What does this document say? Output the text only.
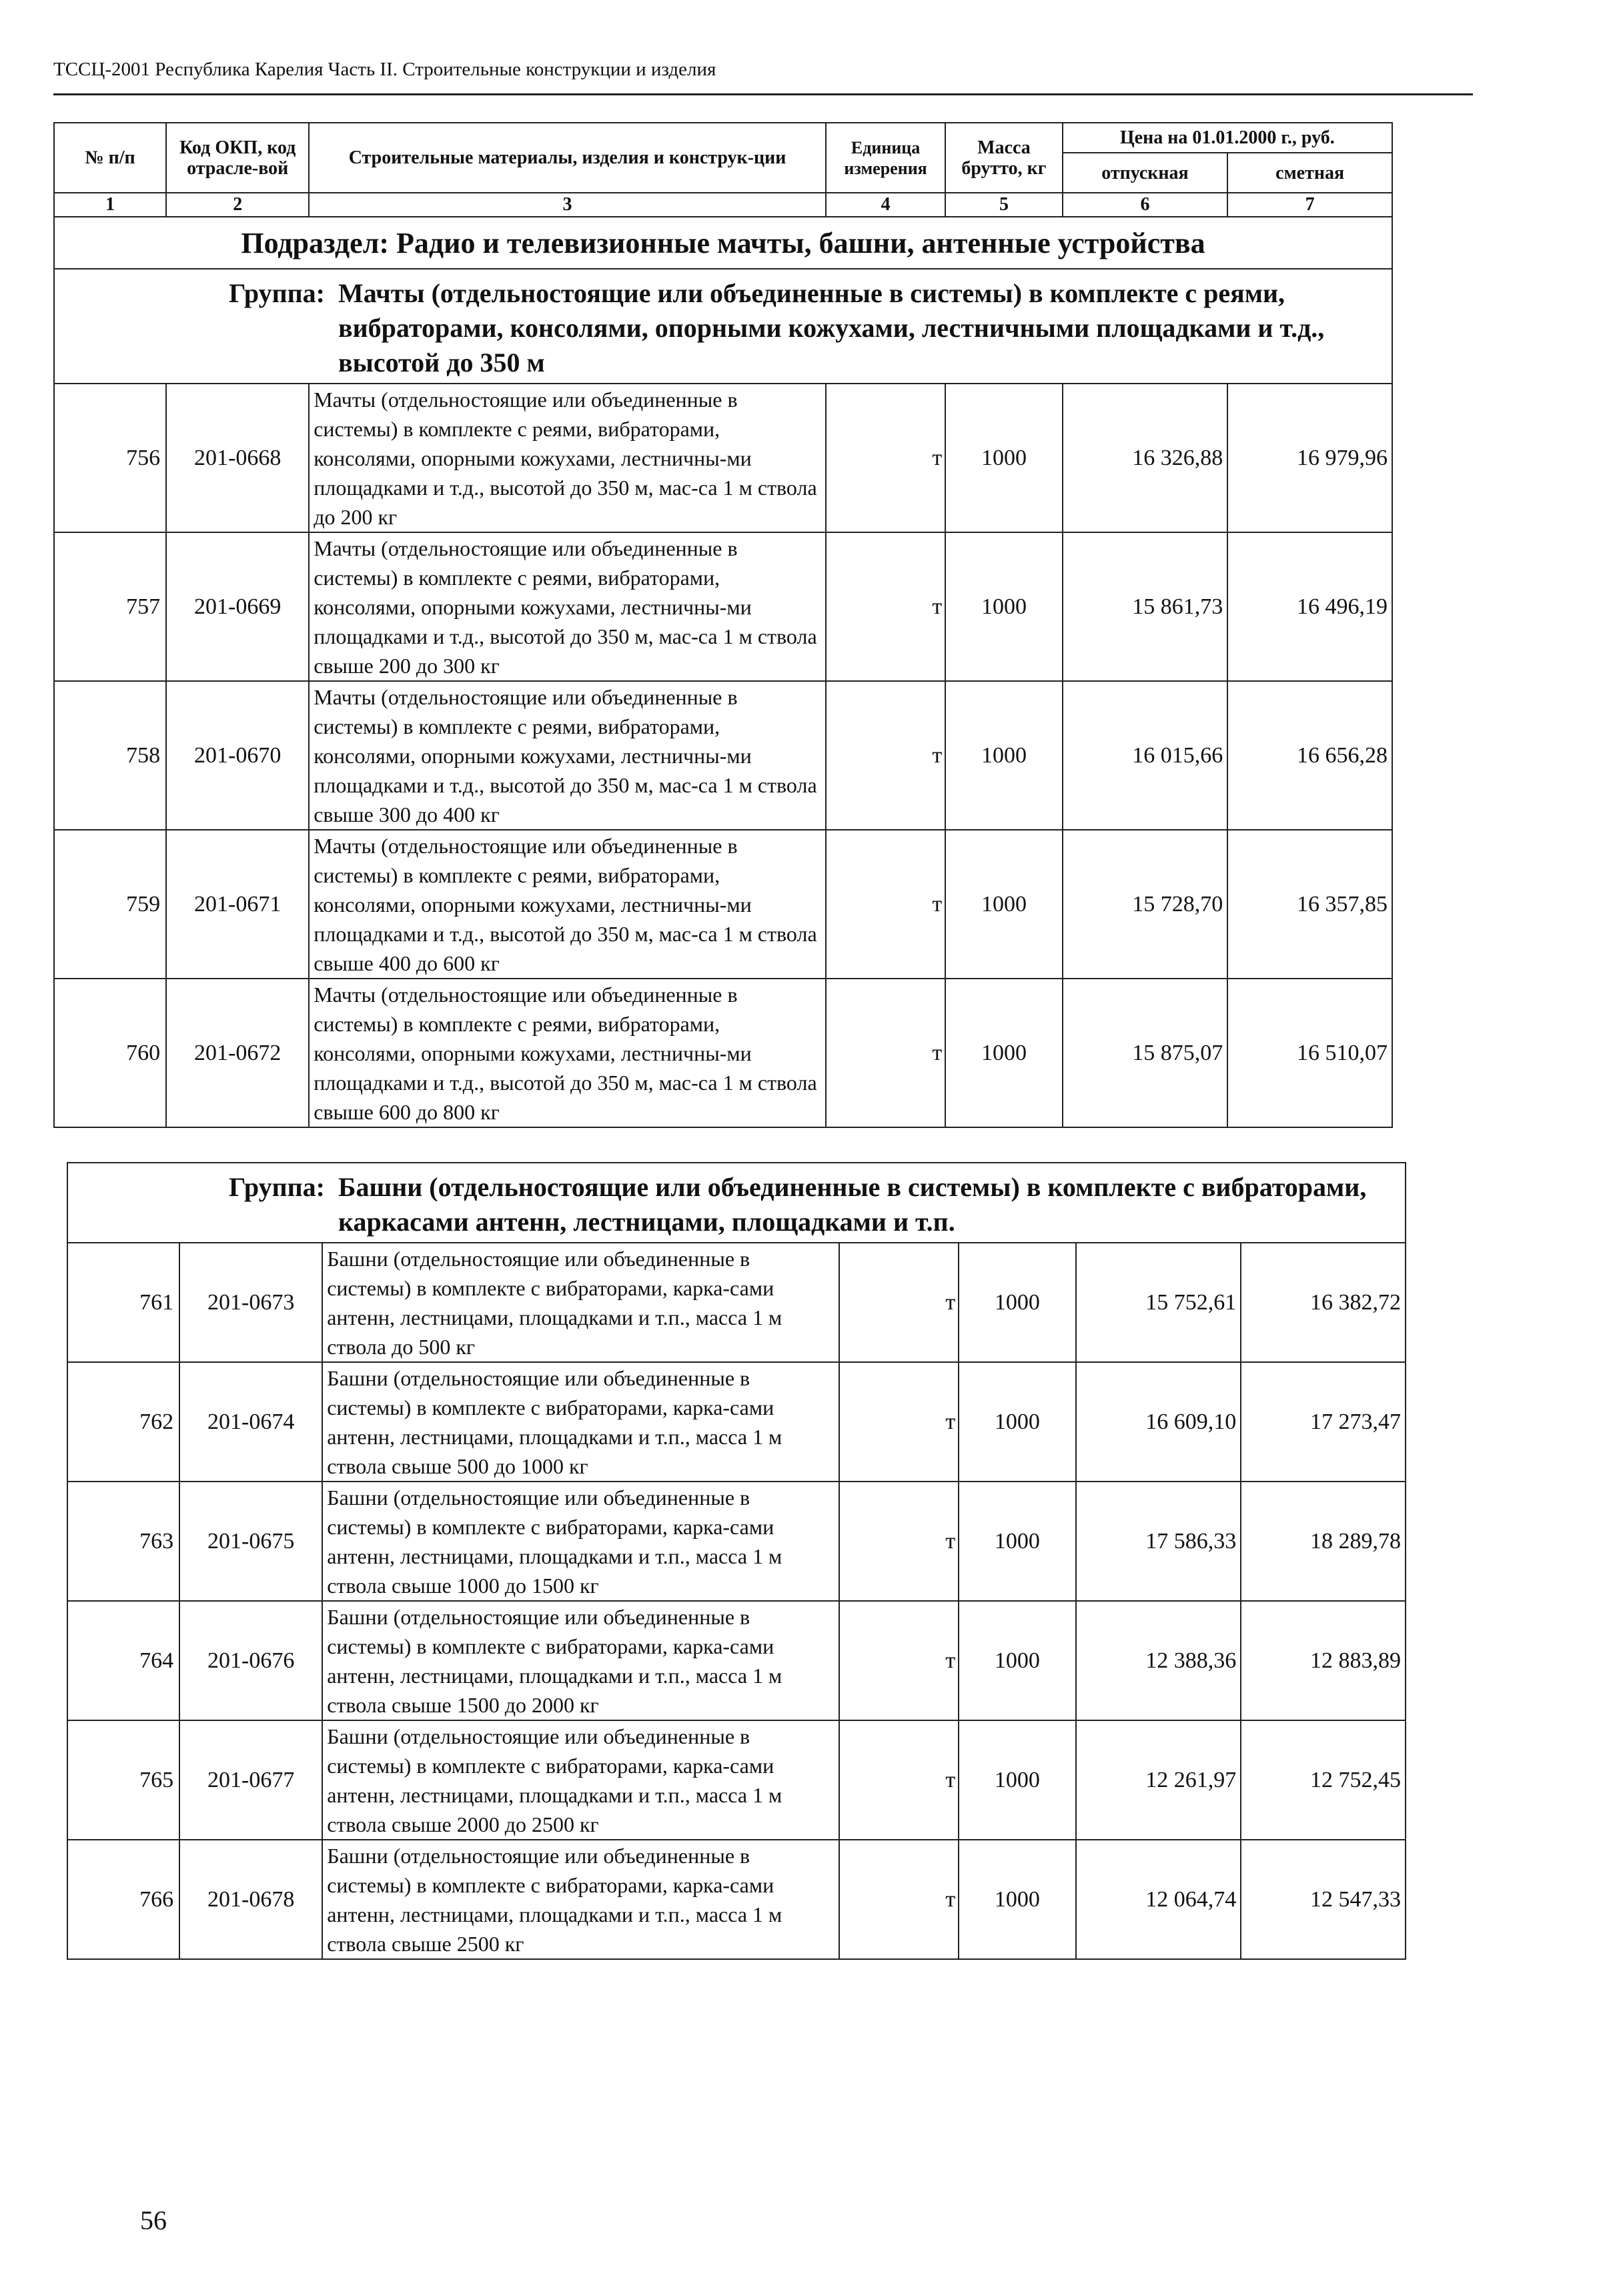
ТССЦ-2001 Республика Карелия Часть II. Строительные конструкции и изделия
№ п/п	Код ОКП, код отрасле-вой	Строительные материалы, изделия и конструк-ции	Единица измерения	Масса брутто, кг	Цена на 01.01.2000 г., руб.	
					отпускная	сметная
1	2	3	4	5	6	7
Подраздел: Радио и телевизионные мачты, башни, антенные устройства						
Группа: Мачты (отдельностоящие или объединенные в системы) в комплекте с реями, вибраторами, консолями, опорными кожухами, лестничными площадками и т.д., высотой до 350 м						
756	201-0668	Мачты (отдельностоящие или объединенные в системы) в комплекте с реями, вибраторами, консолями, опорными кожухами, лестничны-ми площадками и т.д., высотой до 350 м, мас-са 1 м ствола до 200 кг	т	1000	16 326,88	16 979,96
757	201-0669	Мачты (отдельностоящие или объединенные в системы) в комплекте с реями, вибраторами, консолями, опорными кожухами, лестничны-ми площадками и т.д., высотой до 350 м, мас-са 1 м ствола свыше 200 до 300 кг	т	1000	15 861,73	16 496,19
758	201-0670	Мачты (отдельностоящие или объединенные в системы) в комплекте с реями, вибраторами, консолями, опорными кожухами, лестничны-ми площадками и т.д., высотой до 350 м, мас-са 1 м ствола свыше 300 до 400 кг	т	1000	16 015,66	16 656,28
759	201-0671	Мачты (отдельностоящие или объединенные в системы) в комплекте с реями, вибраторами, консолями, опорными кожухами, лестничны-ми площадками и т.д., высотой до 350 м, мас-са 1 м ствола свыше 400 до 600 кг	т	1000	15 728,70	16 357,85
760	201-0672	Мачты (отдельностоящие или объединенные в системы) в комплекте с реями, вибраторами, консолями, опорными кожухами, лестничны-ми площадками и т.д., высотой до 350 м, мас-са 1 м ствола свыше 600 до 800 кг	т	1000	15 875,07	16 510,07
Группа: Башни (отдельностоящие или объединенные в системы) в комплекте с вибраторами, каркасами антенн, лестницами, площадками и т.п.						
761	201-0673	Башни (отдельностоящие или объединенные в системы) в комплекте с вибраторами, карка-сами антенн, лестницами, площадками и т.п., масса 1 м ствола до 500 кг	т	1000	15 752,61	16 382,72
762	201-0674	Башни (отдельностоящие или объединенные в системы) в комплекте с вибраторами, карка-сами антенн, лестницами, площадками и т.п., масса 1 м ствола свыше 500 до 1000 кг	т	1000	16 609,10	17 273,47
763	201-0675	Башни (отдельностоящие или объединенные в системы) в комплекте с вибраторами, карка-сами антенн, лестницами, площадками и т.п., масса 1 м ствола свыше 1000 до 1500 кг	т	1000	17 586,33	18 289,78
764	201-0676	Башни (отдельностоящие или объединенные в системы) в комплекте с вибраторами, карка-сами антенн, лестницами, площадками и т.п., масса 1 м ствола свыше 1500 до 2000 кг	т	1000	12 388,36	12 883,89
765	201-0677	Башни (отдельностоящие или объединенные в системы) в комплекте с вибраторами, карка-сами антенн, лестницами, площадками и т.п., масса 1 м ствола свыше 2000 до 2500 кг	т	1000	12 261,97	12 752,45
766	201-0678	Башни (отдельностоящие или объединенные в системы) в комплекте с вибраторами, карка-сами антенн, лестницами, площадками и т.п., масса 1 м ствола свыше 2500 кг	т	1000	12 064,74	12 547,33
56
